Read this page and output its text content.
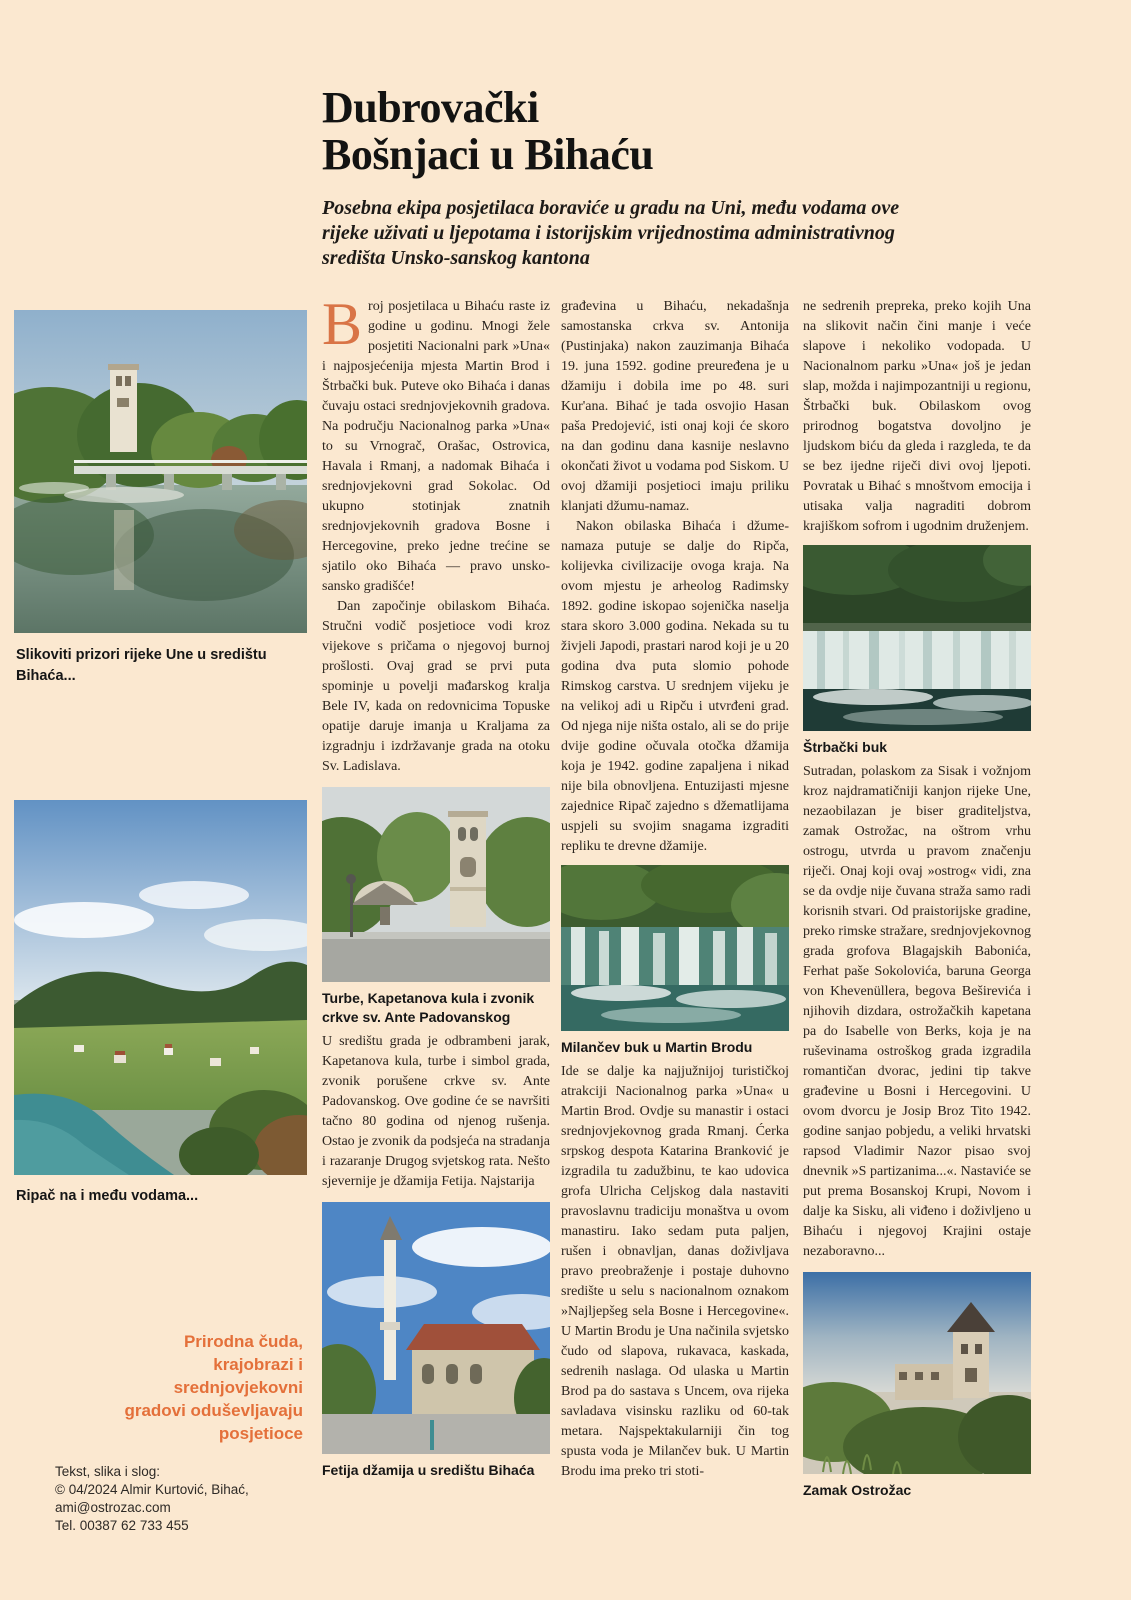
Dubrovački
Bošnjaci u Bihaću
Posebna ekipa posjetilaca boraviće u gradu na Uni, među vodama ove rijeke uživati u ljepotama i istorijskim vrijednostima administrativnog središta Unsko-sanskog kantona
Slikoviti prizori rijeke Une u središtu Bihaća...
Ripač na i među vodama...
Prirodna čuda,
krajobrazi i
srednjovjekovni
gradovi oduševljavaju
posjetioce
Tekst, slika i slog:
© 04/2024 Almir Kurtović, Bihać,
ami@ostrozac.com
Tel. 00387 62 733 455

Broj posjetilaca u Bihaću raste iz godine u godinu. Mnogi žele posjetiti Nacionalni park »Una« i najposjećenija mjesta Martin Brod i Štrbački buk. Puteve oko Bihaća i danas čuvaju ostaci srednjovjekovnih gradova. Na području Nacionalnog parka »Una« to su Vrnograč, Orašac, Ostrovica, Havala i Rmanj, a nadomak Bihaća i srednjovjekovni grad Sokolac. Od ukupno stotinjak znatnih srednjovjekovnih gradova Bosne i Hercegovine, preko jedne trećine se sjatilo oko Bihaća — pravo unsko-sansko gradišće!

Dan započinje obilaskom Bihaća. Stručni vodič posjetioce vodi kroz vijekove s pričama o njegovoj burnoj prošlosti. Ovaj grad se prvi puta spominje u povelji mađarskog kralja Bele IV, kada on redovnicima Topuske opatije daruje imanja u Kraljama za izgradnju i izdržavanje grada na otoku Sv. Ladislava.

Turbe, Kapetanova kula i zvonik crkve sv. Ante Padovanskog

U središtu grada je odbrambeni jarak, Kapetanova kula, turbe i simbol grada, zvonik porušene crkve sv. Ante Padovanskog. Ove godine će se navršiti tačno 80 godina od njenog rušenja. Ostao je zvonik da podsjeća na stradanja i razaranje Drugog svjetskog rata. Nešto sjevernije je džamija Fetija. Najstarija

Fetija džamija u središtu Bihaća

građevina u Bihaću, nekadašnja samostanska crkva sv. Antonija (Pustinjaka) nakon zauzimanja Bihaća 19. juna 1592. godine preuređena je u džamiju i dobila ime po 48. suri Kur'ana. Bihać je tada osvojio Hasan paša Predojević, isti onaj koji će skoro na dan godinu dana kasnije neslavno okončati život u vodama pod Siskom. U ovoj džamiji posjetioci imaju priliku klanjati džumu-namaz.

Nakon obilaska Bihaća i džume-namaza putuje se dalje do Ripča, kolijevka civilizacije ovoga kraja. Na ovom mjestu je arheolog Radimsky 1892. godine iskopao sojenička naselja stara skoro 3.000 godina. Nekada su tu živjeli Japodi, prastari narod koji je u 20 godina dva puta slomio pohode Rimskog carstva. U srednjem vijeku je na velikoj adi u Ripču i utvrđeni grad. Od njega nije ništa ostalo, ali se do prije dvije godine očuvala otočka džamija koja je 1942. godine zapaljena i nikad nije bila obnovljena. Entuzijasti mjesne zajednice Ripač zajedno s džematlijama uspjeli su svojim snagama izgraditi repliku te drevne džamije.

Milančev buk u Martin Brodu

Ide se dalje ka najjužnijoj turističkoj atrakciji Nacionalnog parka »Una« u Martin Brod. Ovdje su manastir i ostaci srednjovjekovnog grada Rmanj. Ćerka srpskog despota Katarina Branković je izgradila tu zadužbinu, te kao udovica grofa Ulricha Celjskog dala nastaviti pravoslavnu tradiciju monaštva u ovom manastiru. Iako sedam puta paljen, rušen i obnavljan, danas doživljava pravo preobraženje i postaje duhovno središte u selu s nacionalnom oznakom »Najljepšeg sela Bosne i Hercegovine«. U Martin Brodu je Una načinila svjetsko čudo od slapova, rukavaca, kaskada, sedrenih naslaga. Od ulaska u Martin Brod pa do sastava s Uncem, ova rijeka savladava visinsku razliku od 60-tak metara. Najspektakularniji čin tog spusta voda je Milančev buk. U Martin Brodu ima preko tri stoti-

ne sedrenih prepreka, preko kojih Una na slikovit način čini manje i veće slapove i nekoliko vodopada. U Nacionalnom parku »Una« još je jedan slap, možda i najimpozantniji u regionu, Štrbački buk. Obilaskom ovog prirodnog bogatstva dovoljno je ljudskom biću da gleda i razgleda, te da se bez ijedne riječi divi ovoj ljepoti. Povratak u Bihać s mnoštvom emocija i utisaka valja nagraditi dobrom krajiškom sofrom i ugodnim druženjem.

Štrbački buk

Sutradan, polaskom za Sisak i vožnjom kroz najdramatičniji kanjon rijeke Une, nezaobilazan je biser graditeljstva, zamak Ostrožac, na oštrom vrhu ostrogu, utvrda u pravom značenju riječi. Onaj koji ovaj »ostrog« vidi, zna se da ovdje nije čuvana straža samo radi korisnih stvari. Od praistorijske gradine, preko rimske stražare, srednjovjekovnog grada grofova Blagajskih Babonića, Ferhat paše Sokolovića, baruna Georga von Khevenüllera, begova Beširevića i njihovih dizdara, ostrožačkih kapetana pa do Isabelle von Berks, koja je na ruševinama ostroškog grada izgradila romantičan dvorac, jedini tip takve građevine u Bosni i Hercegovini. U ovom dvorcu je Josip Broz Tito 1942. godine sanjao pobjedu, a veliki hrvatski rapsod Vladimir Nazor pisao svoj dnevnik »S partizanima...«. Nastaviće se put prema Bosanskoj Krupi, Novom i dalje ka Sisku, ali viđeno i doživljeno u Bihaću i njegovoj Krajini ostaje nezaboravno...

Zamak Ostrožac
